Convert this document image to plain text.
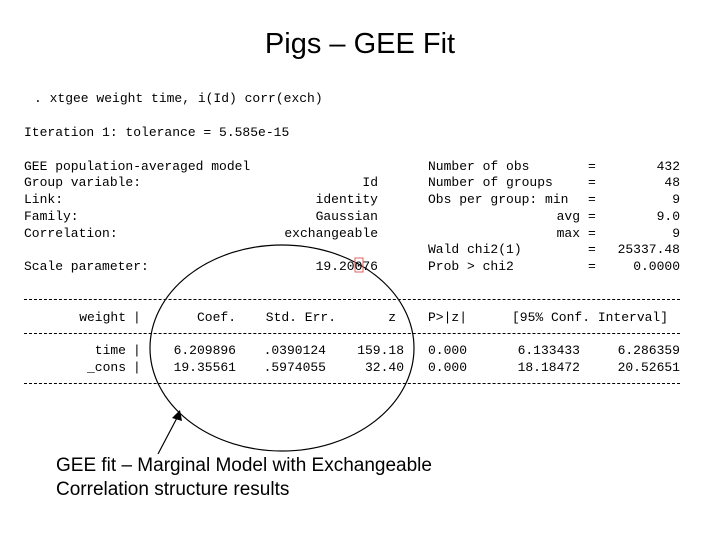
Pigs – GEE Fit
. xtgee weight time, i(Id) corr(exch)
Iteration 1: tolerance = 5.585e-15
GEE population-averaged model
Group variable:	Id
Link:	identity
Family:	Gaussian
Correlation:	exchangeable
Scale parameter:	19.20076
Number of obs	=	432
Number of groups	=	48
Obs per group: min =	9
avg =	9.0
max =	9
Wald chi2(1)	=	25337.48
Prob > chi2	=	0.0000
weight |	Coef.	Std. Err.	z P>|z|	[95% Conf. Interval]
time |	6.209896	.0390124	159.18 0.000	6.133433	6.286359
_cons |	19.35561	.5974055	32.40 0.000	18.18472	20.52651
GEE fit – Marginal Model with Exchangeable Correlation structure results
